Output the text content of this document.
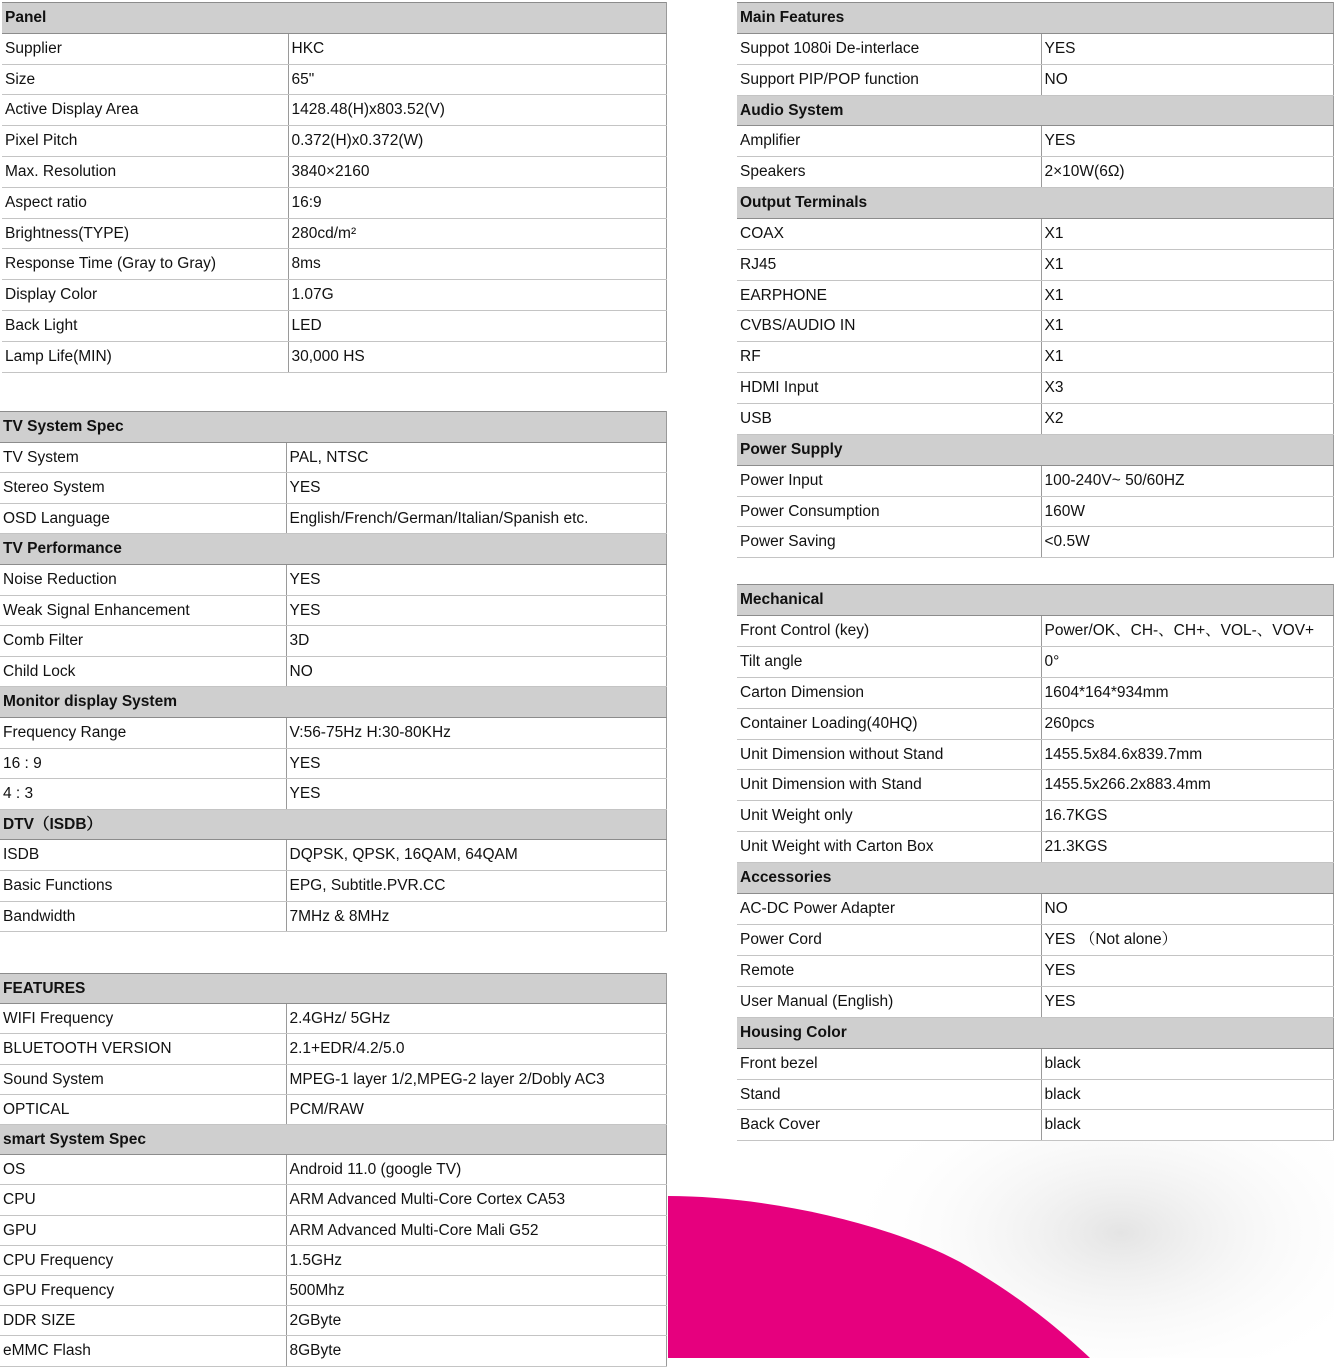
Panel	
Supplier	HKC
Size	65"
Active Display Area	1428.48(H)x803.52(V)
Pixel Pitch	0.372(H)x0.372(W)
Max. Resolution	3840×2160
Aspect ratio	16:9
Brightness(TYPE)	280cd/m²
Response Time (Gray to Gray)	8ms
Display Color	1.07G
Back Light	LED
Lamp Life(MIN)	30,000 HS
TV System Spec	
TV System	PAL, NTSC
Stereo System	YES
OSD Language	English/French/German/Italian/Spanish etc.
TV Performance	
Noise Reduction	YES
Weak Signal Enhancement	YES
Comb Filter	3D
Child Lock	NO
Monitor display System	
Frequency Range	V:56-75Hz H:30-80KHz
16 : 9	YES
4 : 3	YES
DTV（ISDB）	
ISDB	DQPSK, QPSK, 16QAM, 64QAM
Basic Functions	EPG, Subtitle.PVR.CC
Bandwidth	7MHz & 8MHz
FEATURES	
WIFI Frequency	2.4GHz/ 5GHz
BLUETOOTH VERSION	2.1+EDR/4.2/5.0
Sound System	MPEG-1 layer 1/2,MPEG-2 layer 2/Dobly AC3
OPTICAL	PCM/RAW
smart System Spec	
OS	Android 11.0 (google TV)
CPU	ARM Advanced Multi-Core Cortex CA53
GPU	ARM Advanced Multi-Core Mali G52
CPU Frequency	1.5GHz
GPU Frequency	500Mhz
DDR SIZE	2GByte
eMMC Flash	8GByte
Main Features	
Suppot 1080i De-interlace	YES
Support PIP/POP function	NO
Audio System	
Amplifier	YES
Speakers	2×10W(6Ω)
Output Terminals	
COAX	X1
RJ45	X1
EARPHONE	X1
CVBS/AUDIO IN	X1
RF	X1
HDMI Input	X3
USB	X2
Power Supply	
Power Input	100-240V~ 50/60HZ
Power Consumption	160W
Power Saving	<0.5W
Mechanical	
Front Control (key)	Power/OK、CH-、CH+、VOL-、VOV+
Tilt angle	0°
Carton Dimension	1604*164*934mm
Container Loading(40HQ)	260pcs
Unit Dimension without Stand	1455.5x84.6x839.7mm
Unit Dimension with Stand	1455.5x266.2x883.4mm
Unit Weight only	16.7KGS
Unit Weight with Carton Box	21.3KGS
Accessories	
AC-DC Power Adapter	NO
Power Cord	YES （Not alone）
Remote	YES
User Manual (English)	YES
Housing Color	
Front bezel	black
Stand	black
Back Cover	black
